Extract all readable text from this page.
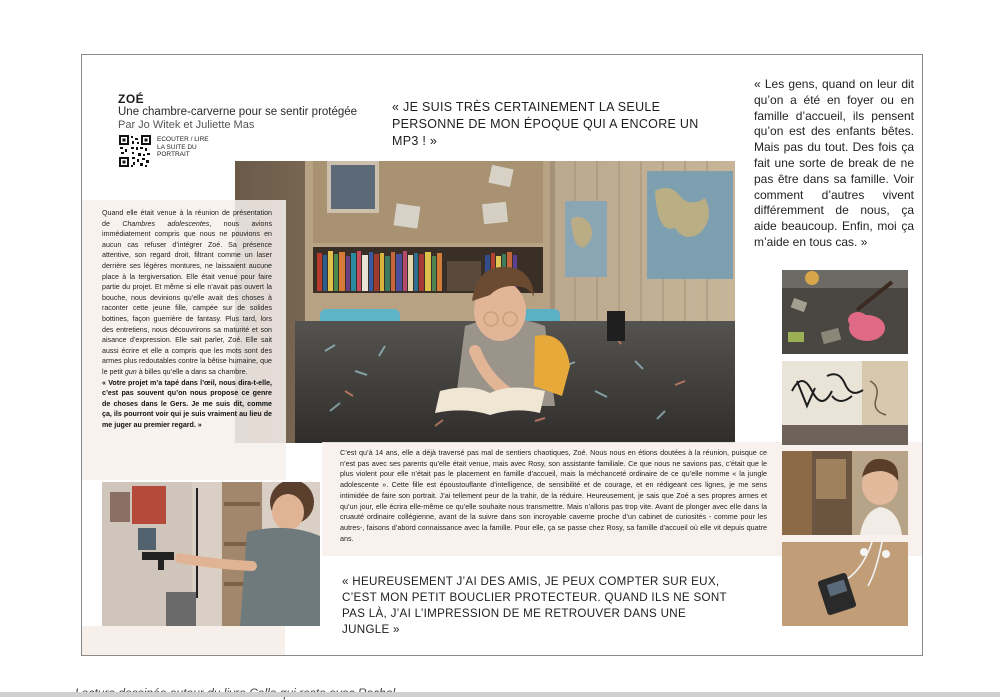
ZOÉ
Une chambre-carverne pour se sentir protégée
Par Jo Witek et Juliette Mas
ECOUTER / LIRE
LA SUITE DU
PORTRAIT
« JE SUIS TRÈS CERTAINEMENT LA SEULE PERSONNE DE MON ÉPOQUE QUI A ENCORE UN MP3 ! »
« Les gens, quand on leur dit qu’on a été en foyer ou en famille d’accueil, ils pensent qu’on est des enfants bêtes. Mais pas du tout. Des fois ça fait une sorte de break de ne pas être dans sa famille. Voir comment d’autres vivent différemment de nous, ça aide beaucoup. Enfin, moi ça m’aide en tous cas. »
Quand elle était venue à la réunion de présentation de Chambres adolescentes, nous avions immédiatement compris que nous ne pouvions en aucun cas refuser d’intégrer Zoé. Sa présence attentive, son regard droit, filtrant comme un laser derrière ses légères montures, ne laissaient aucune place à la tergiversation. Elle était venue pour faire partie du projet. Et même si elle n’avait pas ouvert la bouche, nous devinions qu’elle avait des choses à raconter cette jeune fille, campée sur de solides bottines, façon guerrière de fantasy. Plus tard, lors des entretiens, nous découvrirons sa maturité et son aisance d’expression. Elle sait parler, Zoé. Elle sait aussi écrire et elle a compris que les mots sont des armes plus redoutables contre la bêtise humaine, que le petit gun à billes qu’elle a dans sa chambre.
« Votre projet m’a tapé dans l’œil, nous dira-t-elle, c’est pas souvent qu’on nous propose ce genre de choses dans le Gers. Je me suis dit, comme ça, ils pourront voir qui je suis vraiment au lieu de me juger au premier regard. »
C’est qu’à 14 ans, elle a déjà traversé pas mal de sentiers chaotiques, Zoé. Nous nous en étions doutées à la réunion, puisque ce n’est pas avec ses parents qu’elle était venue, mais avec Rosy, son assistante familiale. Ce que nous ne savions pas, c’était que le plus violent pour elle n’était pas le placement en famille d’accueil, mais la méchanceté ordinaire de ce qu’elle nomme « la jungle adolescente ». Cette fille est époustouflante d’intelligence, de sensibilité et de courage, et en rédigeant ces lignes, je me sens intimidée de faire son portrait. J’ai tellement peur de la trahir, de la réduire. Heureusement, je sais que Zoé a ses propres armes et qu’un jour, elle écrira elle-même ce qu’elle souhaite nous transmettre. Mais n’allons pas trop vite. Avant de plonger avec elle dans la cruauté ordinaire collégienne, avant de la suivre dans son incroyable caverne proche d’un cabinet de curiosités - comme pour les autres-, faisons d’abord connaissance avec la famille. Pour elle, ça se passe chez Rosy, sa famille d’accueil où elle vit depuis quatre ans.
« HEUREUSEMENT J’AI DES AMIS, JE PEUX COMPTER SUR EUX,
C’EST MON PETIT BOUCLIER PROTECTEUR. QUAND ILS NE SONT
PAS LÀ, J’AI L’IMPRESSION DE ME RETROUVER DANS UNE JUNGLE »
